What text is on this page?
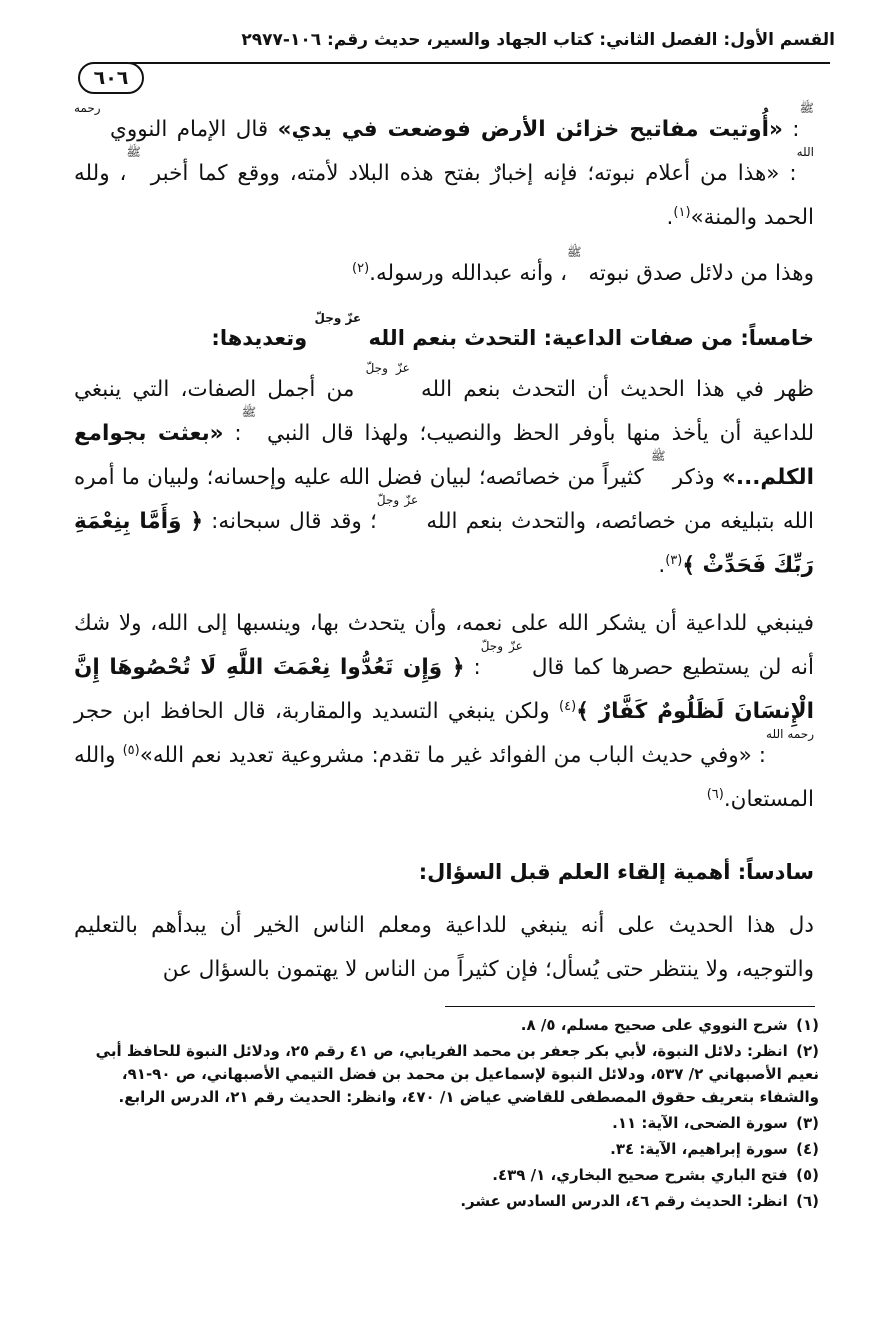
القسم الأول: الفصل الثاني: كتاب الجهاد والسير، حديث رقم: ١٠٦-٢٩٧٧
٦٠٦
$^ﷺ$: «أُوتيت مفاتيح خزائن الأرض فوضعت في يدي» قال الإمام النووي $^{رحمه الله}$: «هذا من أعلام نبوته؛ فإنه إخبارٌ بفتح هذه البلاد لأمته، ووقع كما أخبر $^ﷺ$، ولله الحمد والمنة»$^{(١)}$.
وهذا من دلائل صدق نبوته $^ﷺ$، وأنه عبدالله ورسوله.$^{(٢)}$
خامساً: من صفات الداعية: التحدث بنعم الله $^{عزّ وجلّ}$ وتعديدها:
ظهر في هذا الحديث أن التحدث بنعم الله $^{عزّ وجلّ}$ من أجمل الصفات، التي ينبغي للداعية أن يأخذ منها بأوفر الحظ والنصيب؛ ولهذا قال النبي $^ﷺ$: «بعثت بجوامع الكلم...» وذكر $^ﷺ$ كثيراً من خصائصه؛ لبيان فضل الله عليه وإحسانه؛ ولبيان ما أمره الله بتبليغه من خصائصه، والتحدث بنعم الله $^{عزّ وجلّ}$؛ وقد قال سبحانه: ﴿ وَأَمَّا بِنِعْمَةِ رَبِّكَ فَحَدِّثْ ﴾$^{(٣)}$.
فينبغي للداعية أن يشكر الله على نعمه، وأن يتحدث بها، وينسبها إلى الله، ولا شك أنه لن يستطيع حصرها كما قال $^{عزّ وجلّ}$: ﴿ وَإِن تَعُدُّوا نِعْمَتَ اللَّهِ لَا تُحْصُوهَا إِنَّ الْإِنسَانَ لَظَلُومٌ كَفَّارٌ ﴾$^{(٤)}$ ولكن ينبغي التسديد والمقاربة، قال الحافظ ابن حجر $^{رحمه الله}$: «وفي حديث الباب من الفوائد غير ما تقدم: مشروعية تعديد نعم الله»$^{(٥)}$ والله المستعان.$^{(٦)}$
سادساً: أهمية إلقاء العلم قبل السؤال:
دل هذا الحديث على أنه ينبغي للداعية ومعلم الناس الخير أن يبدأهم بالتعليم والتوجيه، ولا ينتظر حتى يُسأل؛ فإن كثيراً من الناس لا يهتمون بالسؤال عن
(١) شرح النووي على صحيح مسلم، ٥/ ٨.
(٢) انظر: دلائل النبوة، لأبي بكر جعفر بن محمد الفريابي، ص ٤١ رقم ٢٥، ودلائل النبوة للحافظ أبي نعيم الأصبهاني ٢/ ٥٣٧، ودلائل النبوة لإسماعيل بن محمد بن فضل التيمي الأصبهاني، ص ٩٠-٩١، والشفاء بتعريف حقوق المصطفى للقاضي عياض ١/ ٤٧٠، وانظر: الحديث رقم ٢١، الدرس الرابع.
(٣) سورة الضحى، الآية: ١١.
(٤) سورة إبراهيم، الآية: ٣٤.
(٥) فتح الباري بشرح صحيح البخاري، ١/ ٤٣٩.
(٦) انظر: الحديث رقم ٤٦، الدرس السادس عشر.
